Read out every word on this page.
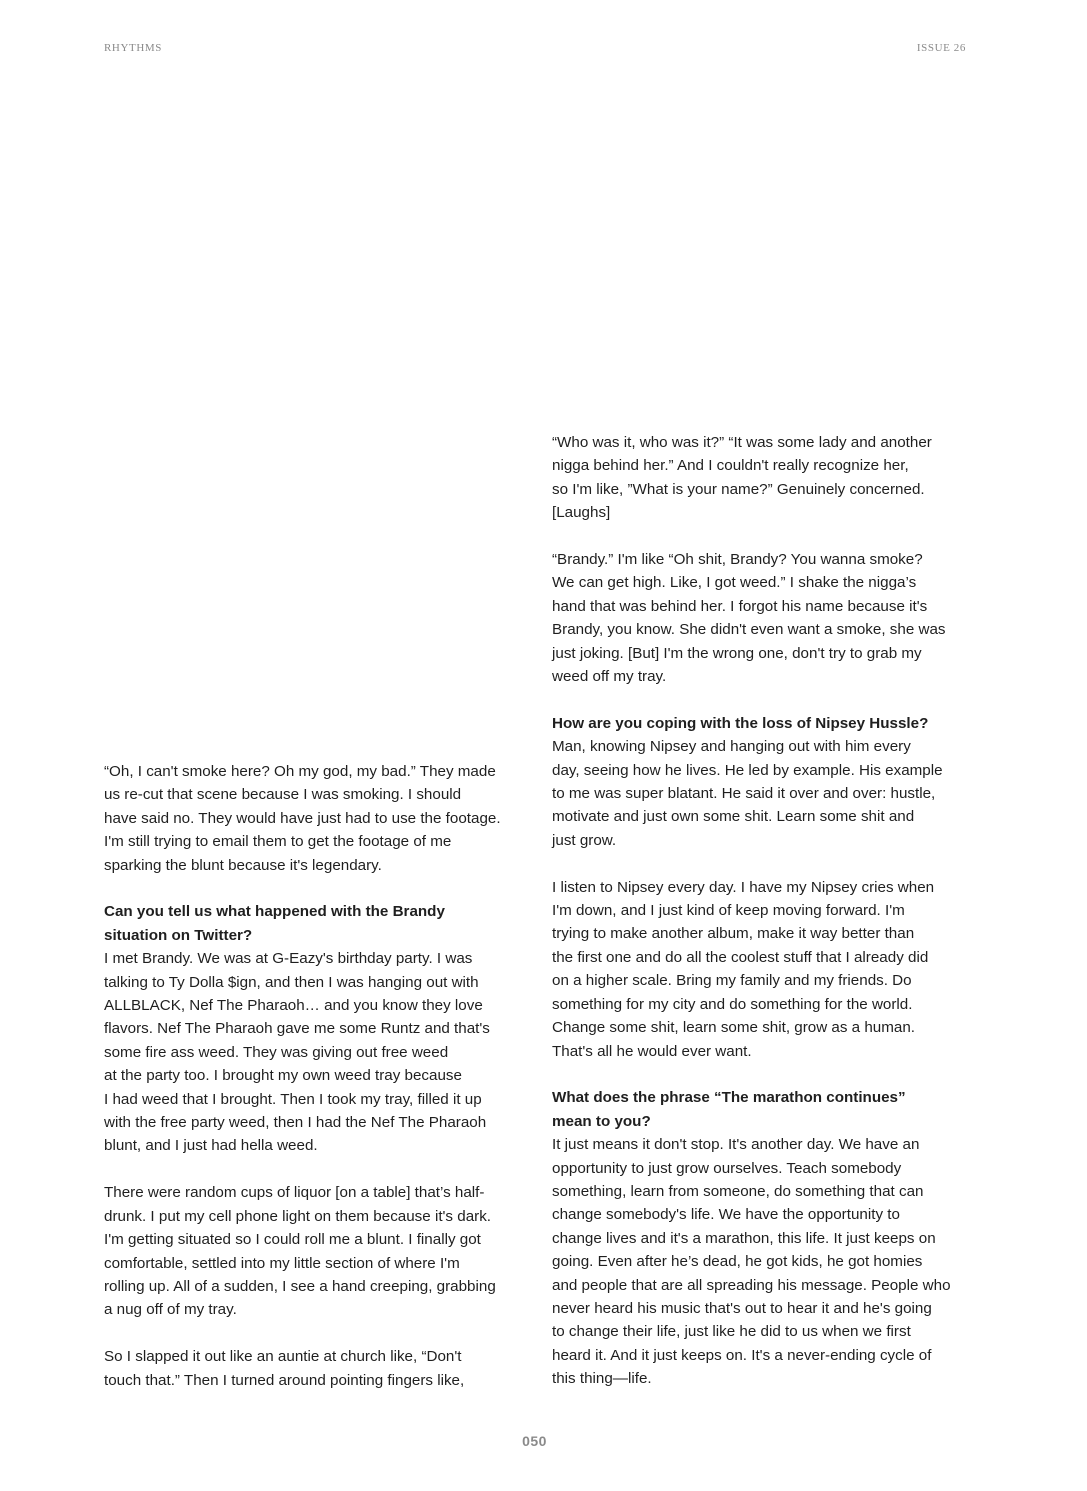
RHYTHMS	ISSUE 26
“Oh, I can't smoke here? Oh my god, my bad.” They made
us re-cut that scene because I was smoking. I should
have said no. They would have just had to use the footage.
I'm still trying to email them to get the footage of me
sparking the blunt because it's legendary.
Can you tell us what happened with the Brandy
situation on Twitter?
I met Brandy. We was at G-Eazy's birthday party. I was
talking to Ty Dolla $ign, and then I was hanging out with
ALLBLACK, Nef The Pharaoh… and you know they love
flavors. Nef The Pharaoh gave me some Runtz and that's
some fire ass weed. They was giving out free weed
at the party too. I brought my own weed tray because
I had weed that I brought. Then I took my tray, filled it up
with the free party weed, then I had the Nef The Pharaoh
blunt, and I just had hella weed.
There were random cups of liquor [on a table] that’s half-
drunk. I put my cell phone light on them because it's dark.
I'm getting situated so I could roll me a blunt. I finally got
comfortable, settled into my little section of where I'm
rolling up. All of a sudden, I see a hand creeping, grabbing
a nug off of my tray.
So I slapped it out like an auntie at church like, “Don't
touch that.” Then I turned around pointing fingers like,
“Who was it, who was it?” “It was some lady and another
nigga behind her.” And I couldn't really recognize her,
so I'm like, ”What is your name?” Genuinely concerned.
[Laughs]
“Brandy.” I'm like “Oh shit, Brandy? You wanna smoke?
We can get high. Like, I got weed.” I shake the nigga’s
hand that was behind her. I forgot his name because it's
Brandy, you know. She didn't even want a smoke, she was
just joking. [But] I'm the wrong one, don't try to grab my
weed off my tray.
How are you coping with the loss of Nipsey Hussle?
Man, knowing Nipsey and hanging out with him every
day, seeing how he lives. He led by example. His example
to me was super blatant. He said it over and over: hustle,
motivate and just own some shit. Learn some shit and
just grow.
I listen to Nipsey every day. I have my Nipsey cries when
I'm down, and I just kind of keep moving forward. I'm
trying to make another album, make it way better than
the first one and do all the coolest stuff that I already did
on a higher scale. Bring my family and my friends. Do
something for my city and do something for the world.
Change some shit, learn some shit, grow as a human.
That's all he would ever want.
What does the phrase “The marathon continues”
mean to you?
It just means it don't stop. It's another day. We have an
opportunity to just grow ourselves. Teach somebody
something, learn from someone, do something that can
change somebody's life. We have the opportunity to
change lives and it's a marathon, this life. It just keeps on
going. Even after he’s dead, he got kids, he got homies
and people that are all spreading his message. People who
never heard his music that's out to hear it and he's going
to change their life, just like he did to us when we first
heard it. And it just keeps on. It's a never-ending cycle of
this thing—life.
050
